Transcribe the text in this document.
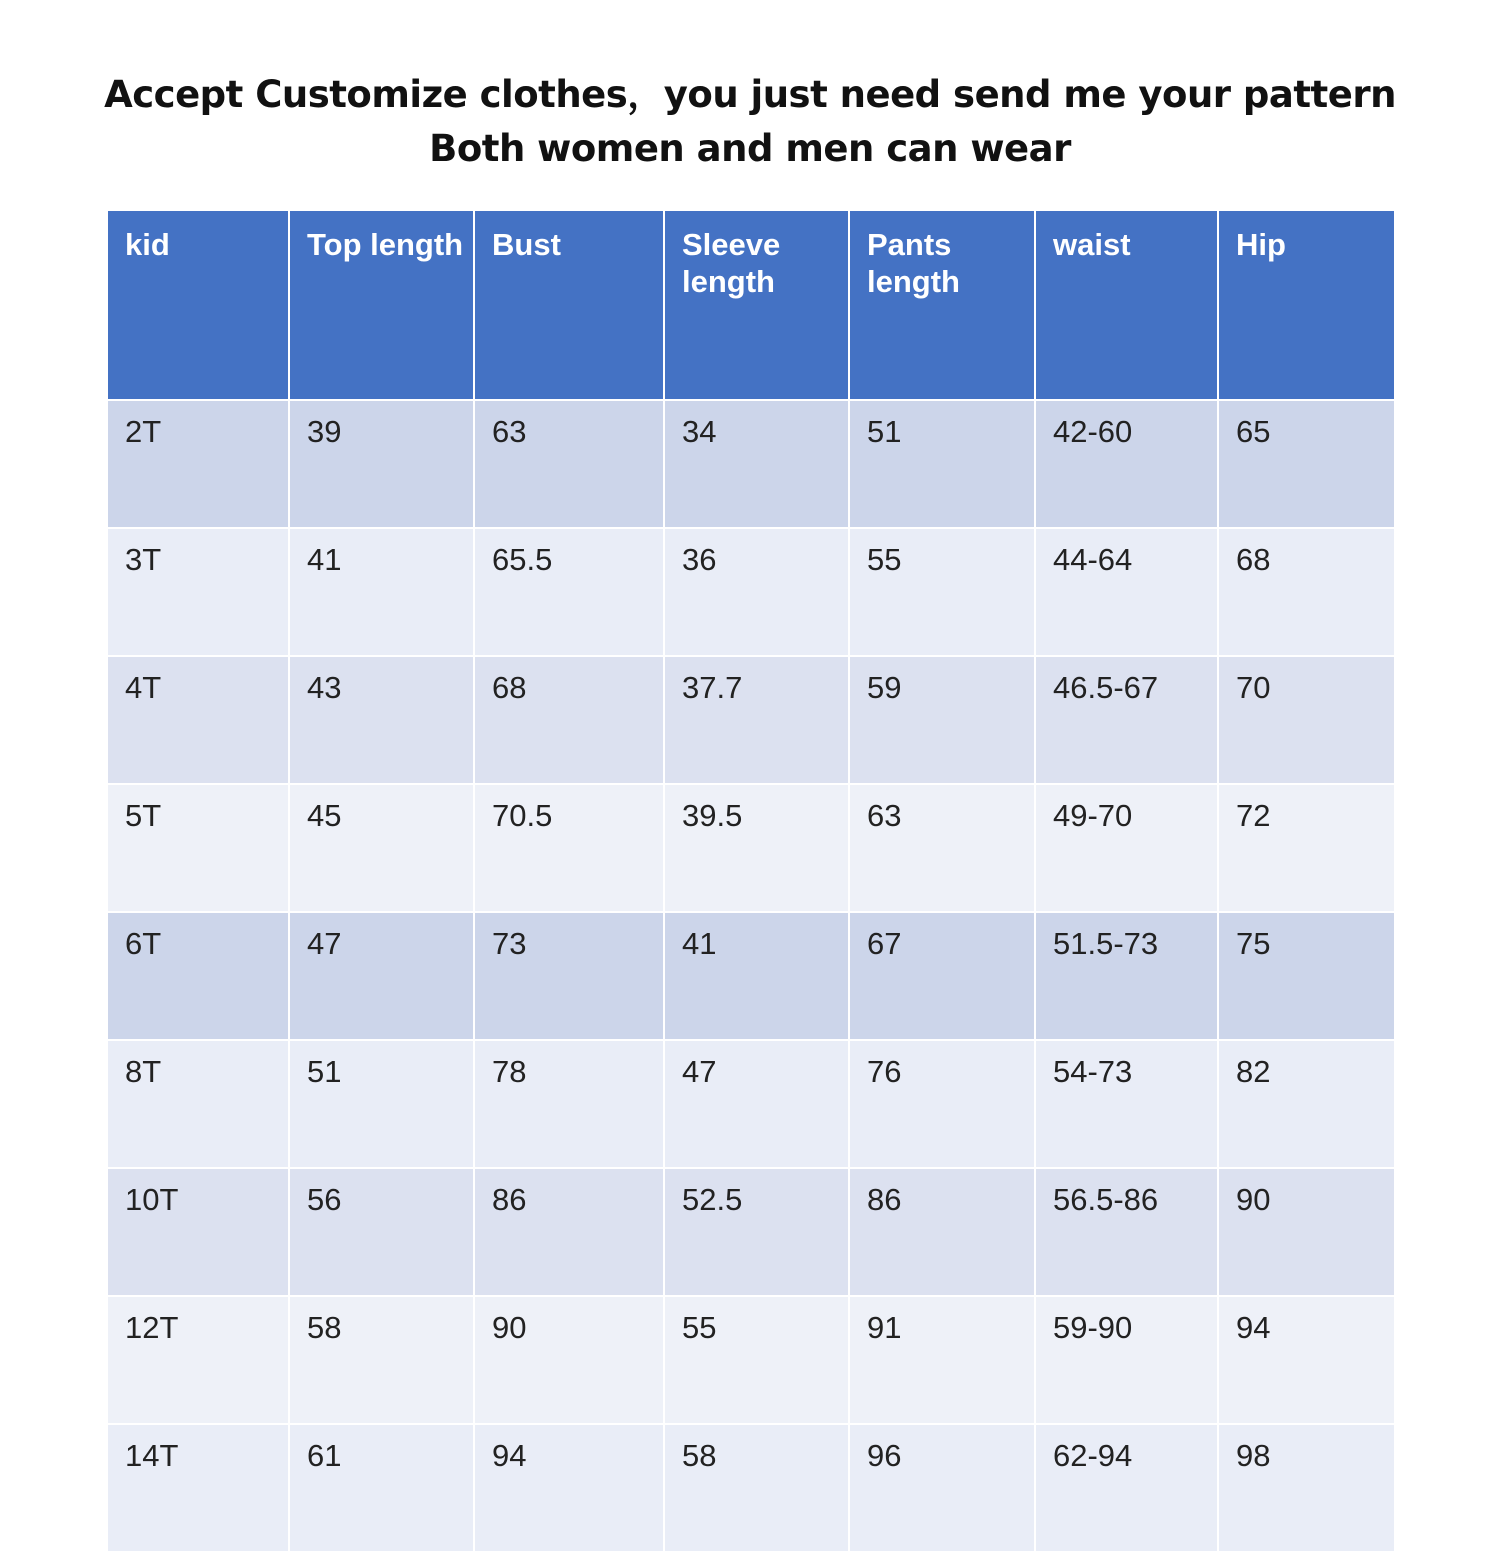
Accept Customize clothes，you just need send me your pattern
Both women and men can wear
kid	Top length	Bust	Sleeve length	Pants length	waist	Hip
2T	39	63	34	51	42-60	65
3T	41	65.5	36	55	44-64	68
4T	43	68	37.7	59	46.5-67	70
5T	45	70.5	39.5	63	49-70	72
6T	47	73	41	67	51.5-73	75
8T	51	78	47	76	54-73	82
10T	56	86	52.5	86	56.5-86	90
12T	58	90	55	91	59-90	94
14T	61	94	58	96	62-94	98
